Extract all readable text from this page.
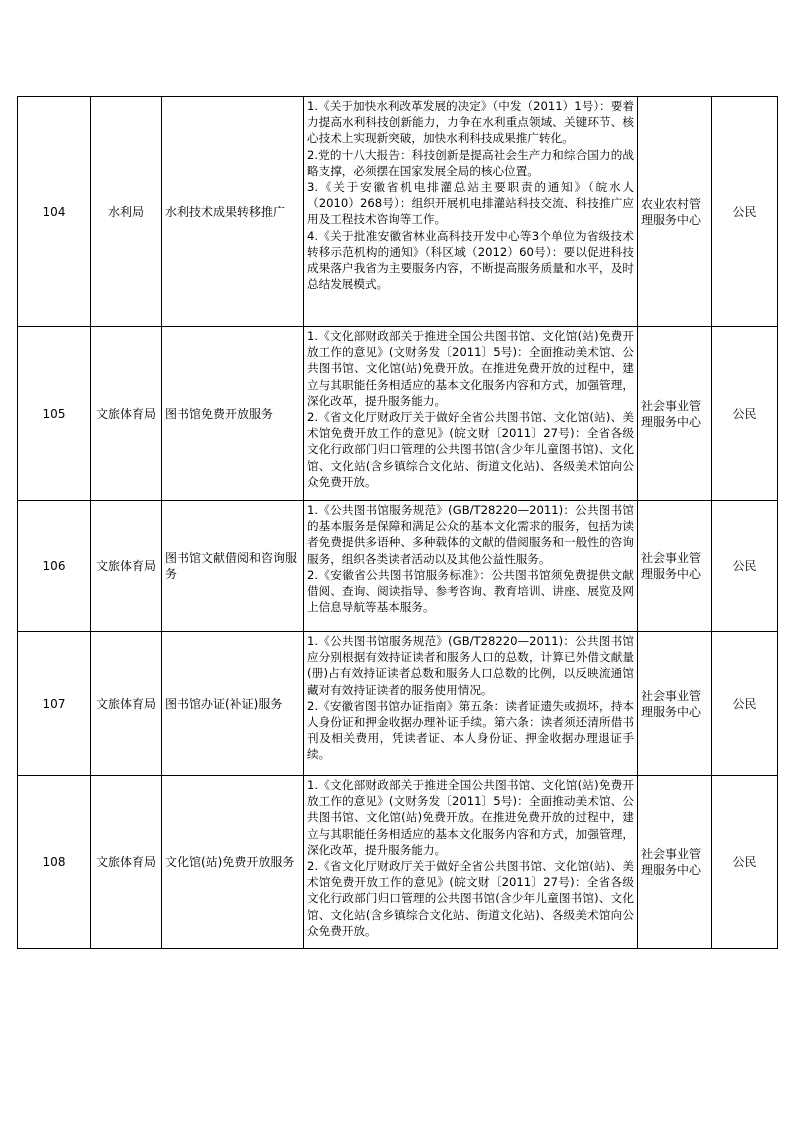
104	水利局	水利技术成果转移推广	1.《关于加快水利改革发展的决定》（中发（2011）1号）：要着力提高水利科技创新能力，力争在水利重点领域、关键环节、核心技术上实现新突破，加快水利科技成果推广转化。

2.党的十八大报告：科技创新是提高社会生产力和综合国力的战略支撑，必须摆在国家发展全局的核心位置。

3.《关于安徽省机电排灌总站主要职责的通知》（皖水人（2010）268号）：组织开展机电排灌站科技交流、科技推广应用及工程技术咨询等工作。

4.《关于批准安徽省林业高科技开发中心等3个单位为省级技术转移示范机构的通知》（科区域（2012）60号）：要以促进科技成果落户我省为主要服务内容，不断提高服务质量和水平，及时总结发展模式。	农业农村管理服务中心	公民
105	文旅体育局	图书馆免费开放服务	1.《文化部财政部关于推进全国公共图书馆、文化馆(站)免费开放工作的意见》(文财务发〔2011〕5号)：全面推动美术馆、公共图书馆、文化馆(站)免费开放。在推进免费开放的过程中，建立与其职能任务相适应的基本文化服务内容和方式，加强管理，深化改革，提升服务能力。

2.《省文化厅财政厅关于做好全省公共图书馆、文化馆(站)、美术馆免费开放工作的意见》(皖文财〔2011〕27号)：全省各级文化行政部门归口管理的公共图书馆(含少年儿童图书馆)、文化馆、文化站(含乡镇综合文化站、街道文化站)、各级美术馆向公众免费开放。	社会事业管理服务中心	公民
106	文旅体育局	图书馆文献借阅和咨询服务	1.《公共图书馆服务规范》(GB/T28220—2011)：公共图书馆的基本服务是保障和满足公众的基本文化需求的服务，包括为读者免费提供多语种、多种载体的文献的借阅服务和一般性的咨询服务，组织各类读者活动以及其他公益性服务。

2.《安徽省公共图书馆服务标准》：公共图书馆须免费提供文献借阅、查询、阅读指导、参考咨询、教育培训、讲座、展览及网上信息导航等基本服务。	社会事业管理服务中心	公民
107	文旅体育局	图书馆办证(补证)服务	1.《公共图书馆服务规范》(GB/T28220—2011)：公共图书馆应分别根据有效持证读者和服务人口的总数，计算已外借文献量(册)占有效持证读者总数和服务人口总数的比例，以反映流通馆藏对有效持证读者的服务使用情况。

2.《安徽省图书馆办证指南》第五条：读者证遗失或损坏，持本人身份证和押金收据办理补证手续。第六条：读者须还清所借书刊及相关费用，凭读者证、本人身份证、押金收据办理退证手续。	社会事业管理服务中心	公民
108	文旅体育局	文化馆(站)免费开放服务	1.《文化部财政部关于推进全国公共图书馆、文化馆(站)免费开放工作的意见》(文财务发〔2011〕5号)：全面推动美术馆、公共图书馆、文化馆(站)免费开放。在推进免费开放的过程中，建立与其职能任务相适应的基本文化服务内容和方式，加强管理，深化改革，提升服务能力。

2.《省文化厅财政厅关于做好全省公共图书馆、文化馆(站)、美术馆免费开放工作的意见》(皖文财〔2011〕27号)：全省各级文化行政部门归口管理的公共图书馆(含少年儿童图书馆)、文化馆、文化站(含乡镇综合文化站、街道文化站)、各级美术馆向公众免费开放。	社会事业管理服务中心	公民
